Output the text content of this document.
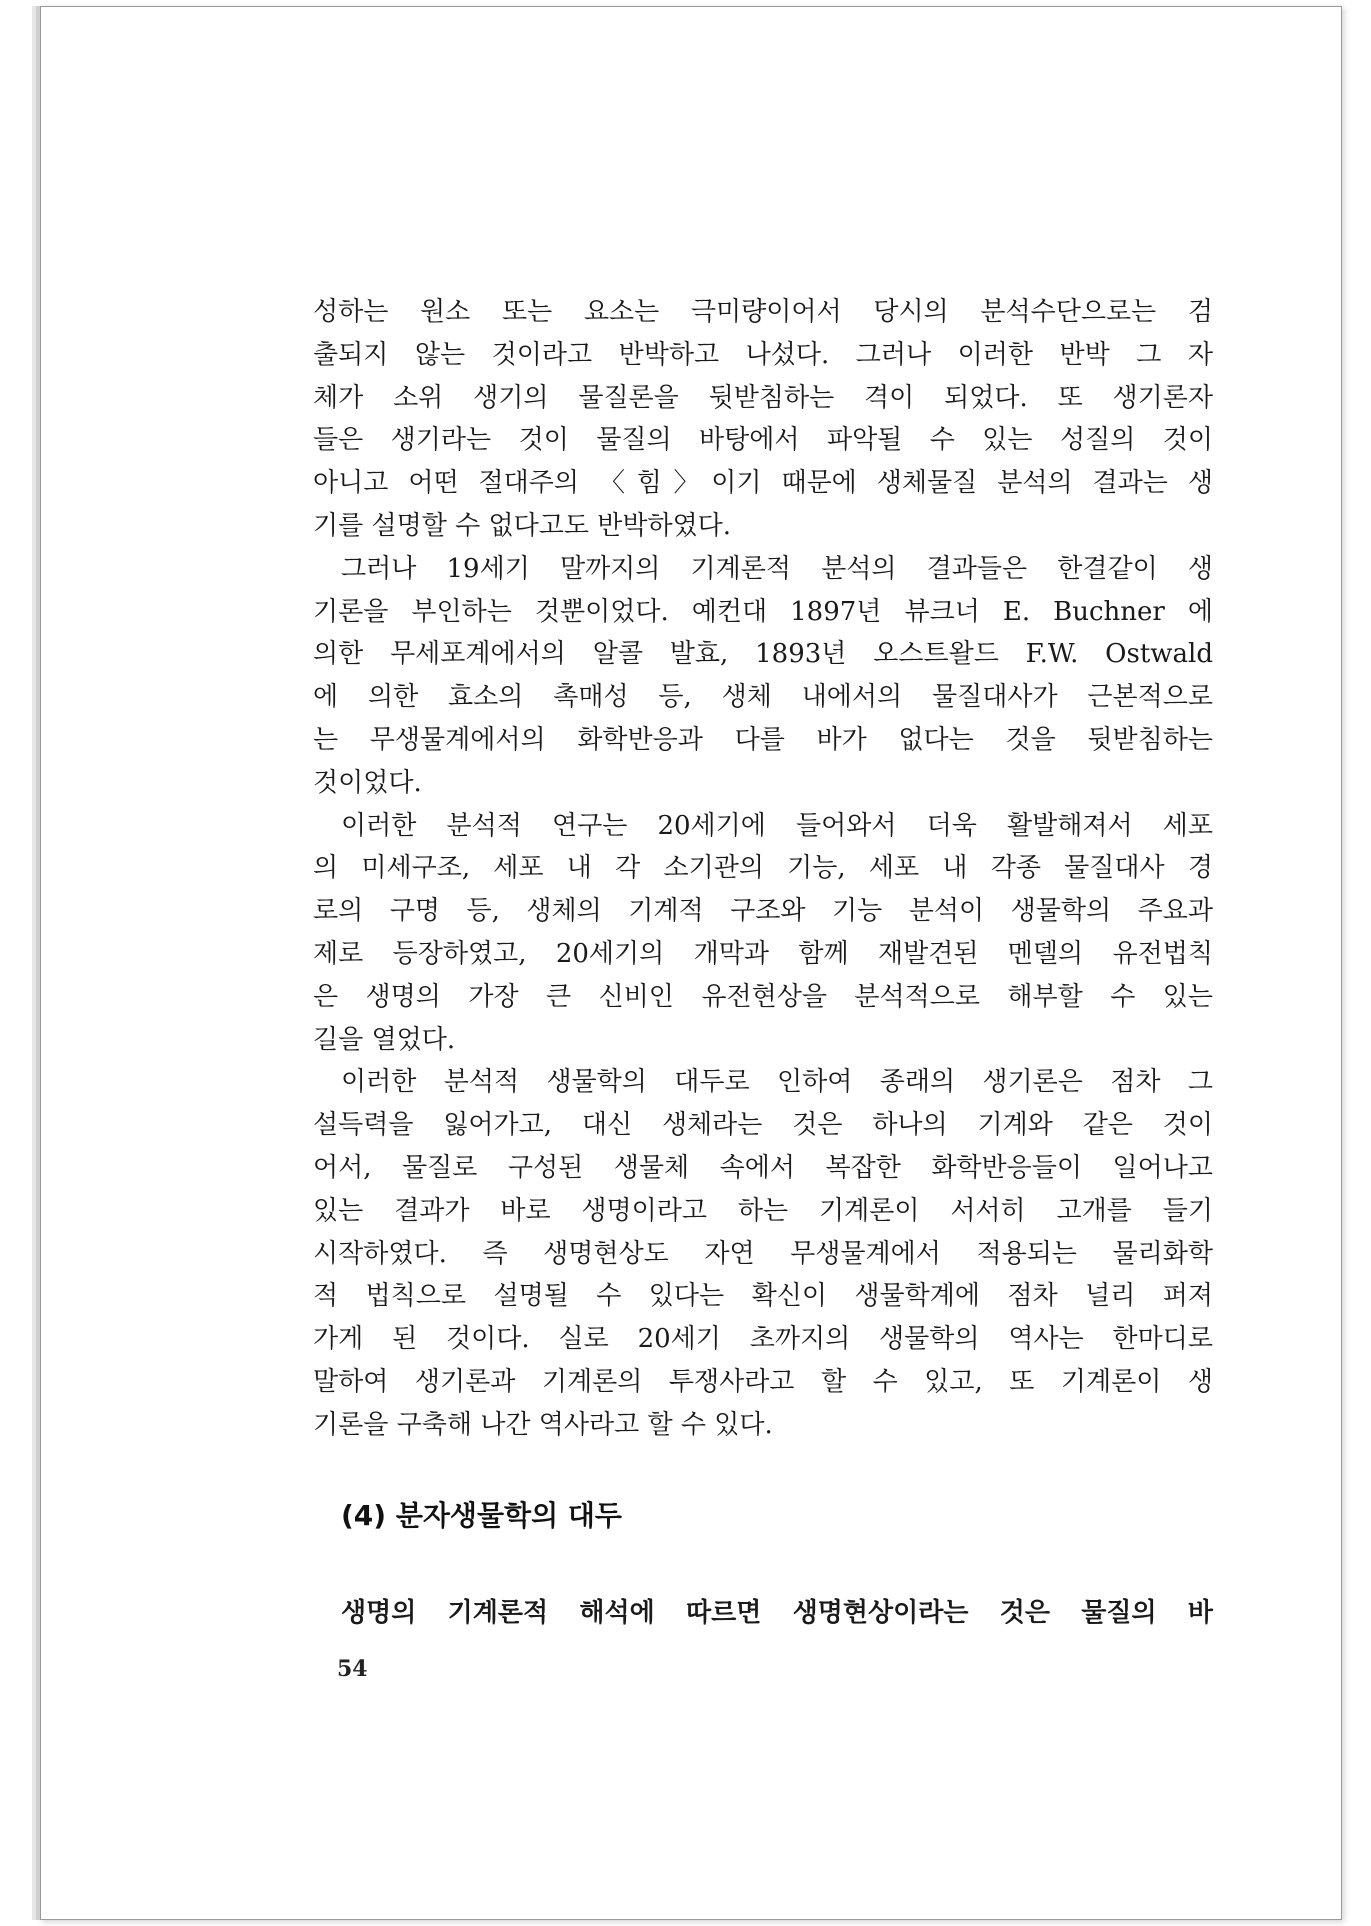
성하는 원소 또는 요소는 극미량이어서 당시의 분석수단으로는 검
출되지 않는 것이라고 반박하고 나섰다. 그러나 이러한 반박 그 자
체가 소위 생기의 물질론을 뒷받침하는 격이 되었다. 또 생기론자
들은 생기라는 것이 물질의 바탕에서 파악될 수 있는 성질의 것이
아니고 어떤 절대주의 〈힘〉이기 때문에 생체물질 분석의 결과는 생
기를 설명할 수 없다고도 반박하였다.
그러나 19세기 말까지의 기계론적 분석의 결과들은 한결같이 생
기론을 부인하는 것뿐이었다. 예컨대 1897년 뷰크너 E. Buchner 에
의한 무세포계에서의 알콜 발효, 1893년 오스트왈드 F.W. Ostwald
에 의한 효소의 촉매성 등, 생체 내에서의 물질대사가 근본적으로
는 무생물계에서의 화학반응과 다를 바가 없다는 것을 뒷받침하는
것이었다.
이러한 분석적 연구는 20세기에 들어와서 더욱 활발해져서 세포
의 미세구조, 세포 내 각 소기관의 기능, 세포 내 각종 물질대사 경
로의 구명 등, 생체의 기계적 구조와 기능 분석이 생물학의 주요과
제로 등장하였고, 20세기의 개막과 함께 재발견된 멘델의 유전법칙
은 생명의 가장 큰 신비인 유전현상을 분석적으로 해부할 수 있는
길을 열었다.
이러한 분석적 생물학의 대두로 인하여 종래의 생기론은 점차 그
설득력을 잃어가고, 대신 생체라는 것은 하나의 기계와 같은 것이
어서, 물질로 구성된 생물체 속에서 복잡한 화학반응들이 일어나고
있는 결과가 바로 생명이라고 하는 기계론이 서서히 고개를 들기
시작하였다. 즉 생명현상도 자연 무생물계에서 적용되는 물리화학
적 법칙으로 설명될 수 있다는 확신이 생물학계에 점차 널리 퍼져
가게 된 것이다. 실로 20세기 초까지의 생물학의 역사는 한마디로
말하여 생기론과 기계론의 투쟁사라고 할 수 있고, 또 기계론이 생
기론을 구축해 나간 역사라고 할 수 있다.
(4) 분자생물학의 대두
생명의 기계론적 해석에 따르면 생명현상이라는 것은 물질의 바
54
